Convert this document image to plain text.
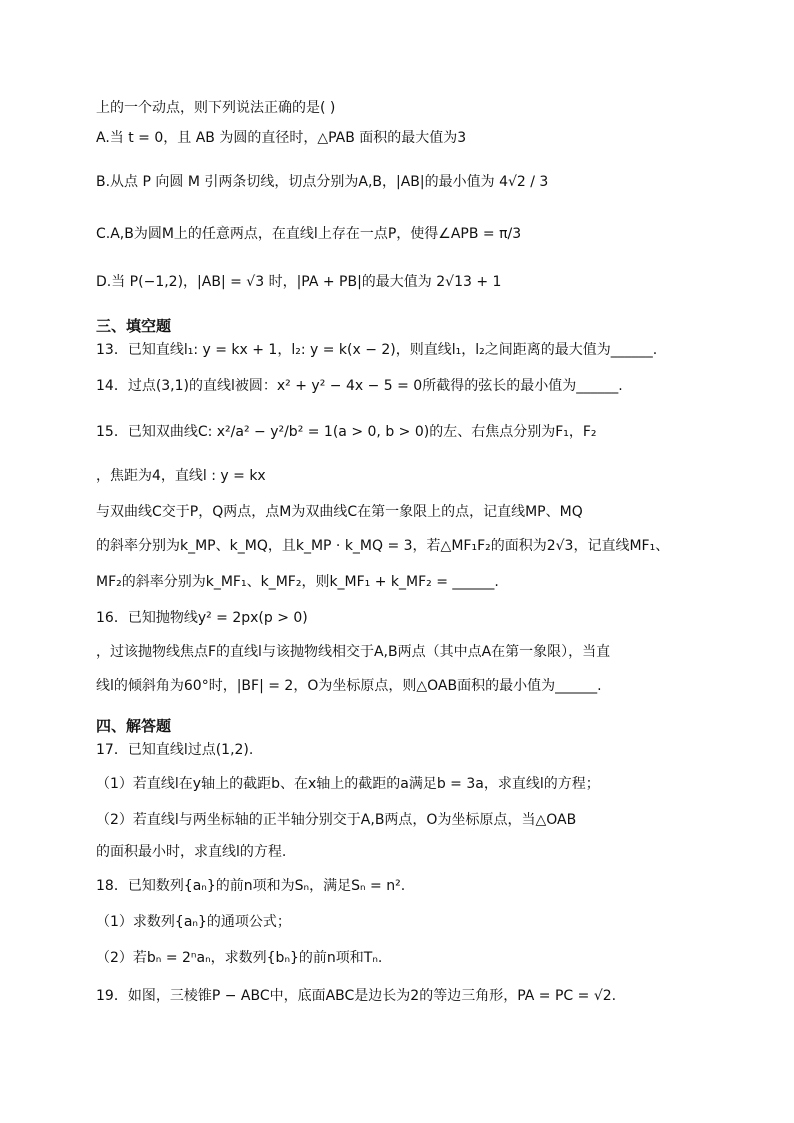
上的一个动点，则下列说法正确的是( )
A.当 t = 0，且 AB 为圆的直径时，△PAB 面积的最大值为3
B.从点 P 向圆 M 引两条切线，切点分别为A,B，|AB|的最小值为 4√2 / 3
C.A,B为圆M上的任意两点，在直线l上存在一点P，使得∠APB = π/3
D.当 P(−1,2)，|AB| = √3 时，|PA + PB|的最大值为 2√13 + 1
三、填空题
13．已知直线l₁: y = kx + 1，l₂: y = k(x − 2)，则直线l₁，l₂之间距离的最大值为______.
14．过点(3,1)的直线l被圆：x² + y² − 4x − 5 = 0所截得的弦长的最小值为______.
15．已知双曲线C: x²/a² − y²/b² = 1(a > 0, b > 0)的左、右焦点分别为F₁，F₂
，焦距为4，直线l : y = kx
与双曲线C交于P，Q两点，点M为双曲线C在第一象限上的点，记直线MP、MQ
的斜率分别为k_MP、k_MQ，且k_MP · k_MQ = 3，若△MF₁F₂的面积为2√3，记直线MF₁、
MF₂的斜率分别为k_MF₁、k_MF₂，则k_MF₁ + k_MF₂ = ______.
16．已知抛物线y² = 2px(p > 0)
，过该抛物线焦点F的直线l与该抛物线相交于A,B两点（其中点A在第一象限），当直
线l的倾斜角为60°时，|BF| = 2，O为坐标原点，则△OAB面积的最小值为______.
四、解答题
17．已知直线l过点(1,2).
（1）若直线l在y轴上的截距b、在x轴上的截距的a满足b = 3a，求直线l的方程；
（2）若直线l与两坐标轴的正半轴分别交于A,B两点，O为坐标原点，当△OAB
的面积最小时，求直线l的方程.
18．已知数列{aₙ}的前n项和为Sₙ，满足Sₙ = n².
（1）求数列{aₙ}的通项公式；
（2）若bₙ = 2ⁿaₙ，求数列{bₙ}的前n项和Tₙ.
19．如图，三棱锥P − ABC中，底面ABC是边长为2的等边三角形，PA = PC = √2.
